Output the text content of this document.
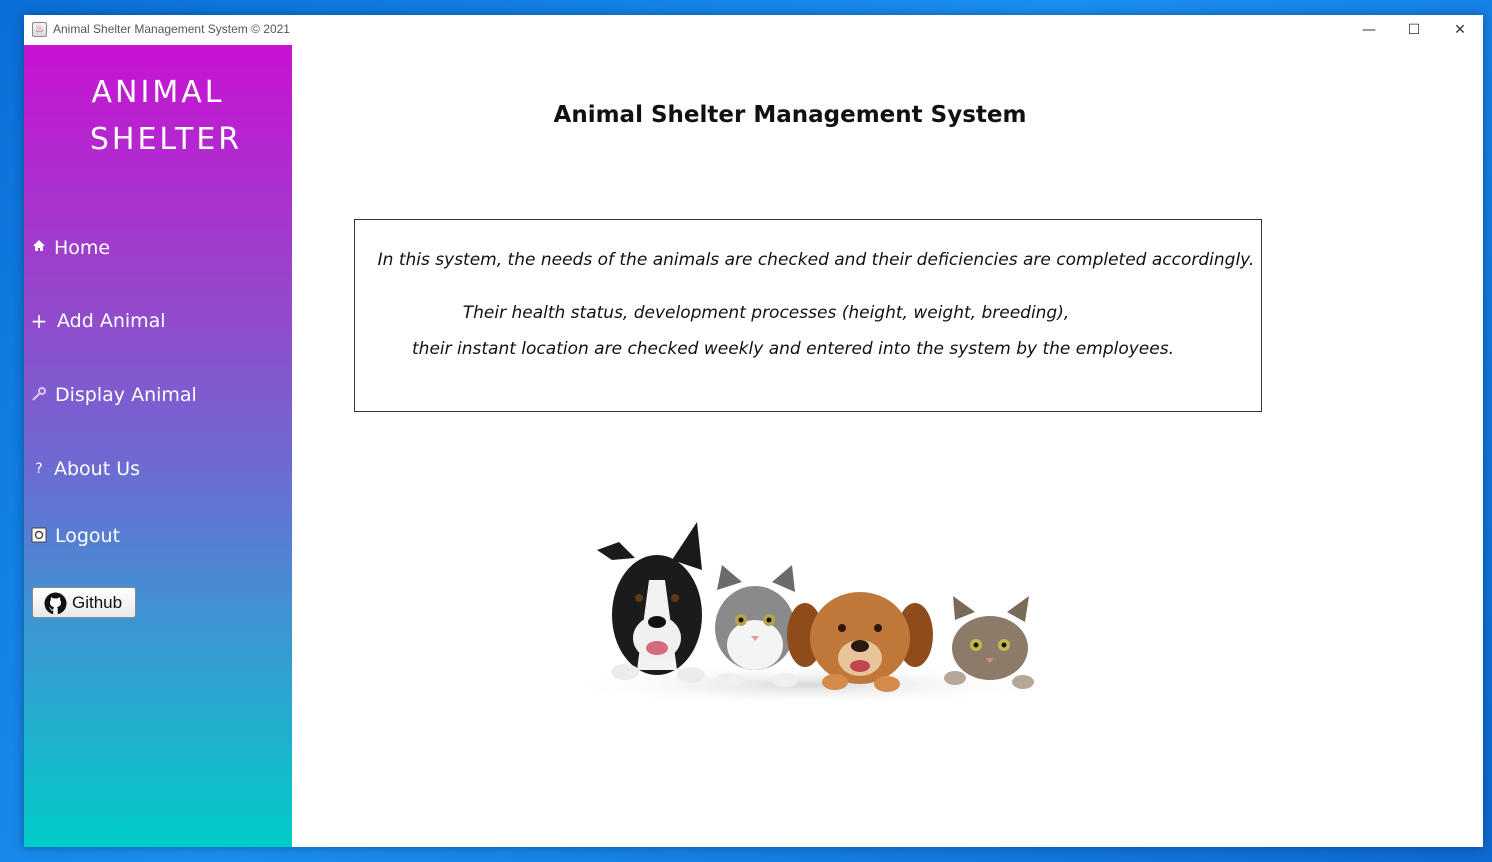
♨ Animal Shelter Management System © 2021	—	☐	✕
ANIMAL
SHELTER
Home
+ Add Animal
Display Animal
? About Us
Logout
Github
Animal Shelter Management System
In this system, the needs of the animals are checked and their deficiencies are completed accordingly.
Their health status, development processes (height, weight, breeding),
their instant location are checked weekly and entered into the system by the employees.
